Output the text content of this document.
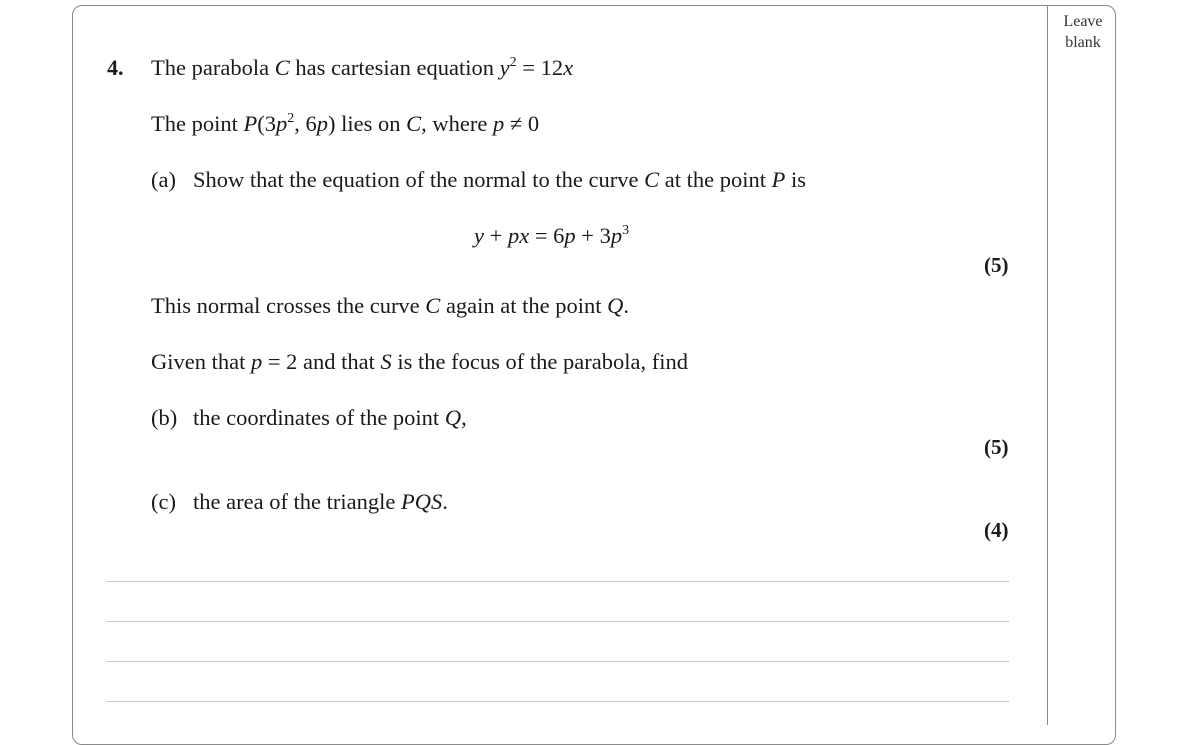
Leave
blank
4. The parabola C has cartesian equation $y^2 = 12x$
The point $P(3p^2$, 6p) lies on C, where p ≠ 0
(a) Show that the equation of the normal to the curve C at the point P is
y + px = $6p + 3p^3$
(5)
This normal crosses the curve C again at the point Q.
Given that p = 2 and that S is the focus of the parabola, find
(b) the coordinates of the point Q,
(5)
(c) the area of the triangle PQS.
(4)
